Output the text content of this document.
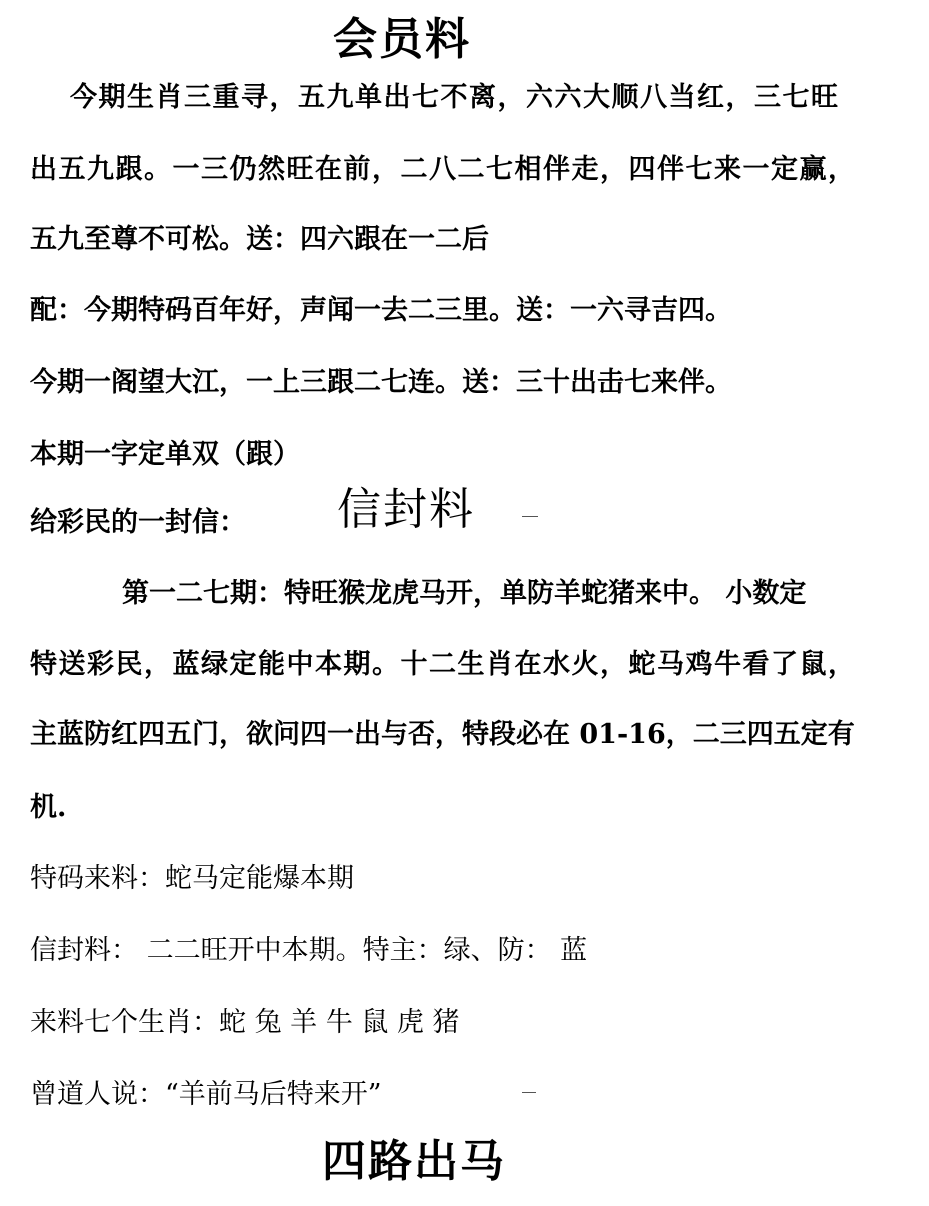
会员料
今期生肖三重寻，五九单出七不离，六六大顺八当红，三七旺
出五九跟。一三仍然旺在前，二八二七相伴走，四伴七来一定赢，
五九至尊不可松。送：四六跟在一二后
配：今期特码百年好，声闻一去二三里。送：一六寻吉四。
今期一阁望大江，一上三跟二七连。送：三十出击七来伴。
本期一字定单双（跟）
给彩民的一封信： 信封料
第一二七期：特旺猴龙虎马开，单防羊蛇猪来中。 小数定
特送彩民，蓝绿定能中本期。十二生肖在水火，蛇马鸡牛看了鼠，
主蓝防红四五门，欲问四一出与否，特段必在 01-16，二三四五定有
机.
特码来料：蛇马定能爆本期
信封料： 二二旺开中本期。特主：绿、防： 蓝
来料七个生肖：蛇 兔 羊 牛 鼠 虎 猪
曾道人说：“羊前马后特来开”
四路出马
